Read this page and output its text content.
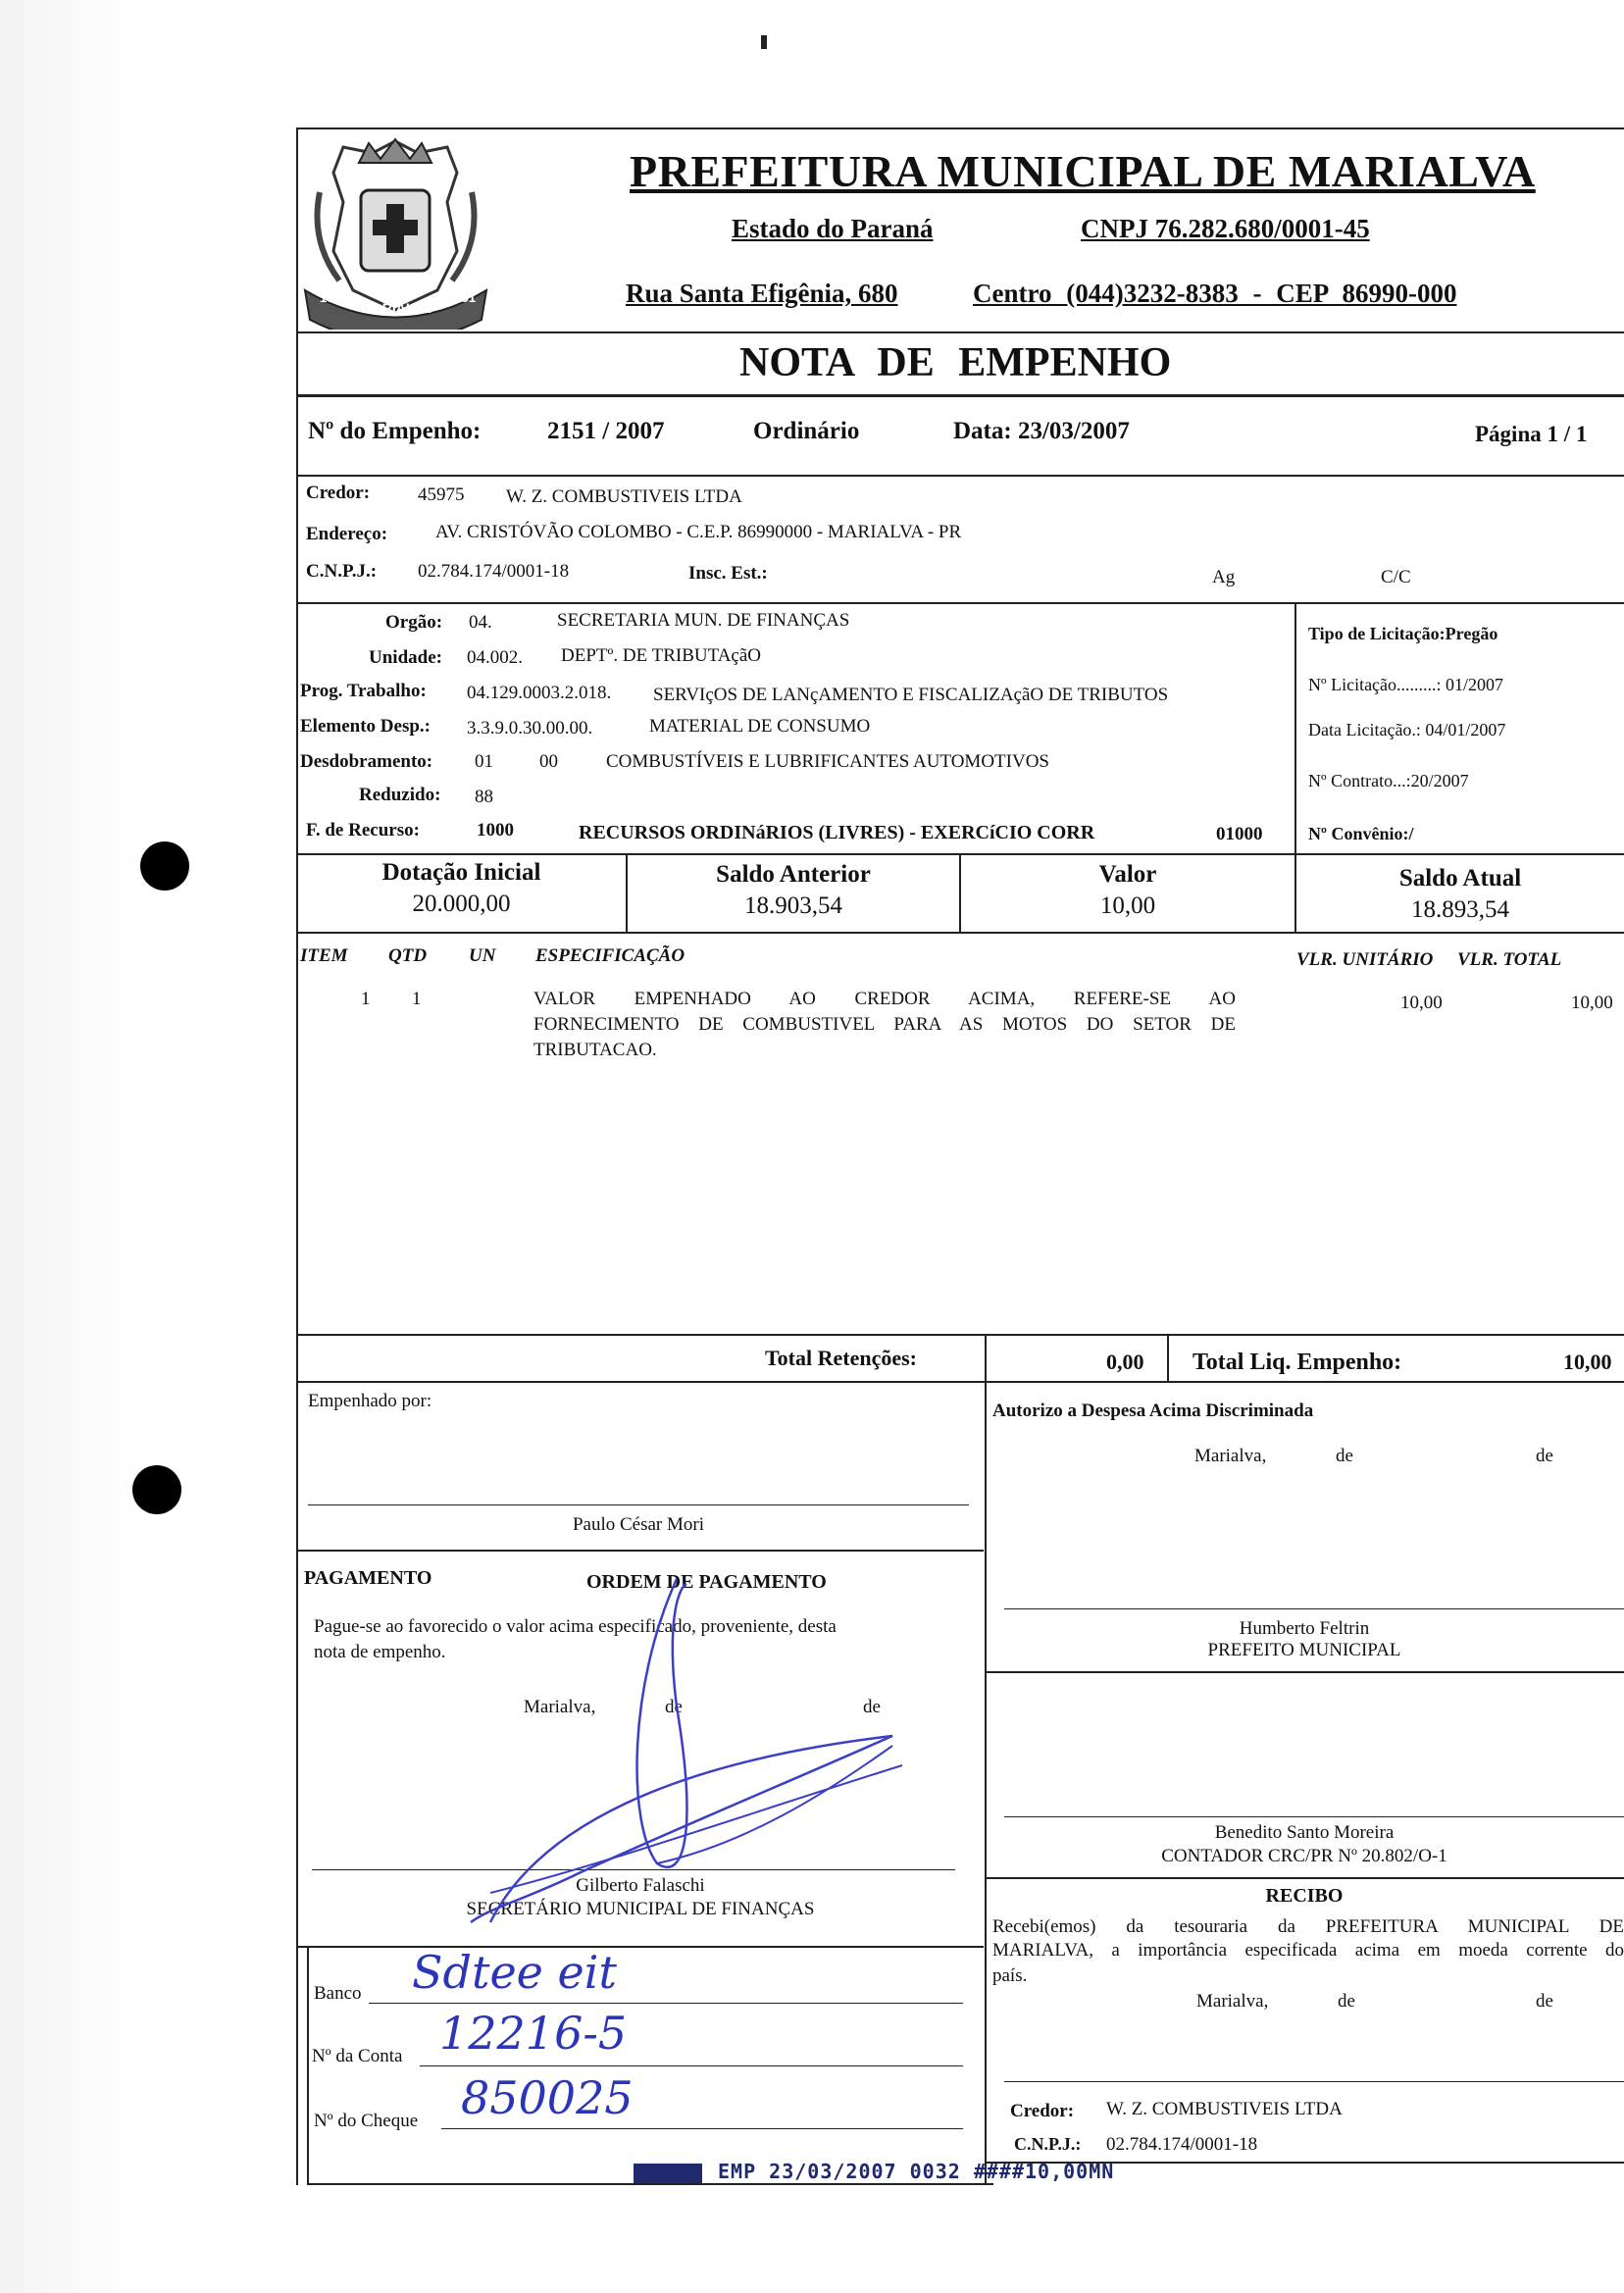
1951
MARIALVA
1951
PREFEITURA MUNICIPAL DE MARIALVA
Estado do Paraná	CNPJ 76.282.680/0001-45
Rua Santa Efigênia, 680	Centro (044)3232-8383 - CEP 86990-000
NOTA DE EMPENHO
Nº do Empenho:	2151 / 2007	Ordinário	Data: 23/03/2007	Página 1 / 1
Credor:	45975 W. Z. COMBUSTIVEIS LTDA
Endereço:	AV. CRISTÓVÃO COLOMBO - C.E.P. 86990000 - MARIALVA - PR
C.N.P.J.: 02.784.174/0001-18	Insc. Est.:	Ag	C/C
Orgão: 04.	SECRETARIA MUN. DE FINANÇAS
Unidade: 04.002. DEPTº. DE TRIBUTAçãO
Prog. Trabalho: 04.129.0003.2.018. SERVIçOS DE LANçAMENTO E FISCALIZAçãO DE TRIBUTOS
Elemento Desp.: 3.3.9.0.30.00.00.	MATERIAL DE CONSUMO
Desdobramento: 01 00	COMBUSTÍVEIS E LUBRIFICANTES AUTOMOTIVOS
Reduzido: 88
F. de Recurso:	1000	RECURSOS ORDINáRIOS (LIVRES) - EXERCíCIO CORR	01000
Tipo de Licitação:Pregão
Nº Licitação.........: 01/2007
Data Licitação.: 04/01/2007
Nº Contrato...:20/2007
Nº Convênio:/
Dotação Inicial
20.000,00
Saldo Anterior
18.903,54
Valor
10,00
Saldo Atual
18.893,54
ITEM QTD UN ESPECIFICAÇÃO	VLR. UNITÁRIO VLR. TOTAL
1 1	VALOR EMPENHADO AO CREDOR ACIMA, REFERE-SE AO
FORNECIMENTO DE COMBUSTIVEL PARA AS MOTOS DO SETOR DE
TRIBUTACAO.
10,00	10,00
Total Retenções:	0,00 Total Liq. Empenho:	10,00
Empenhado por:
Paulo César Mori
PAGAMENTO	ORDEM DE PAGAMENTO
Pague-se ao favorecido o valor acima especificado, proveniente, desta
nota de empenho.
Marialva,	de	de
Gilberto Falaschi
SECRETÁRIO MUNICIPAL DE FINANÇAS
Banco Sdtee eit
Nº da Conta 12216-5
Nº do Cheque 850025
Autorizo a Despesa Acima Discriminada
Marialva,	de	de
Humberto Feltrin
PREFEITO MUNICIPAL
Benedito Santo Moreira
CONTADOR CRC/PR Nº 20.802/O-1
RECIBO
Recebi(emos) da tesouraria da PREFEITURA MUNICIPAL DE
MARIALVA, a importância especificada acima em moeda corrente do
país.
Marialva,	de	de
Credor: W. Z. COMBUSTIVEIS LTDA
C.N.P.J.: 02.784.174/0001-18
EMP 23/03/2007 0032 ####10,00MN
